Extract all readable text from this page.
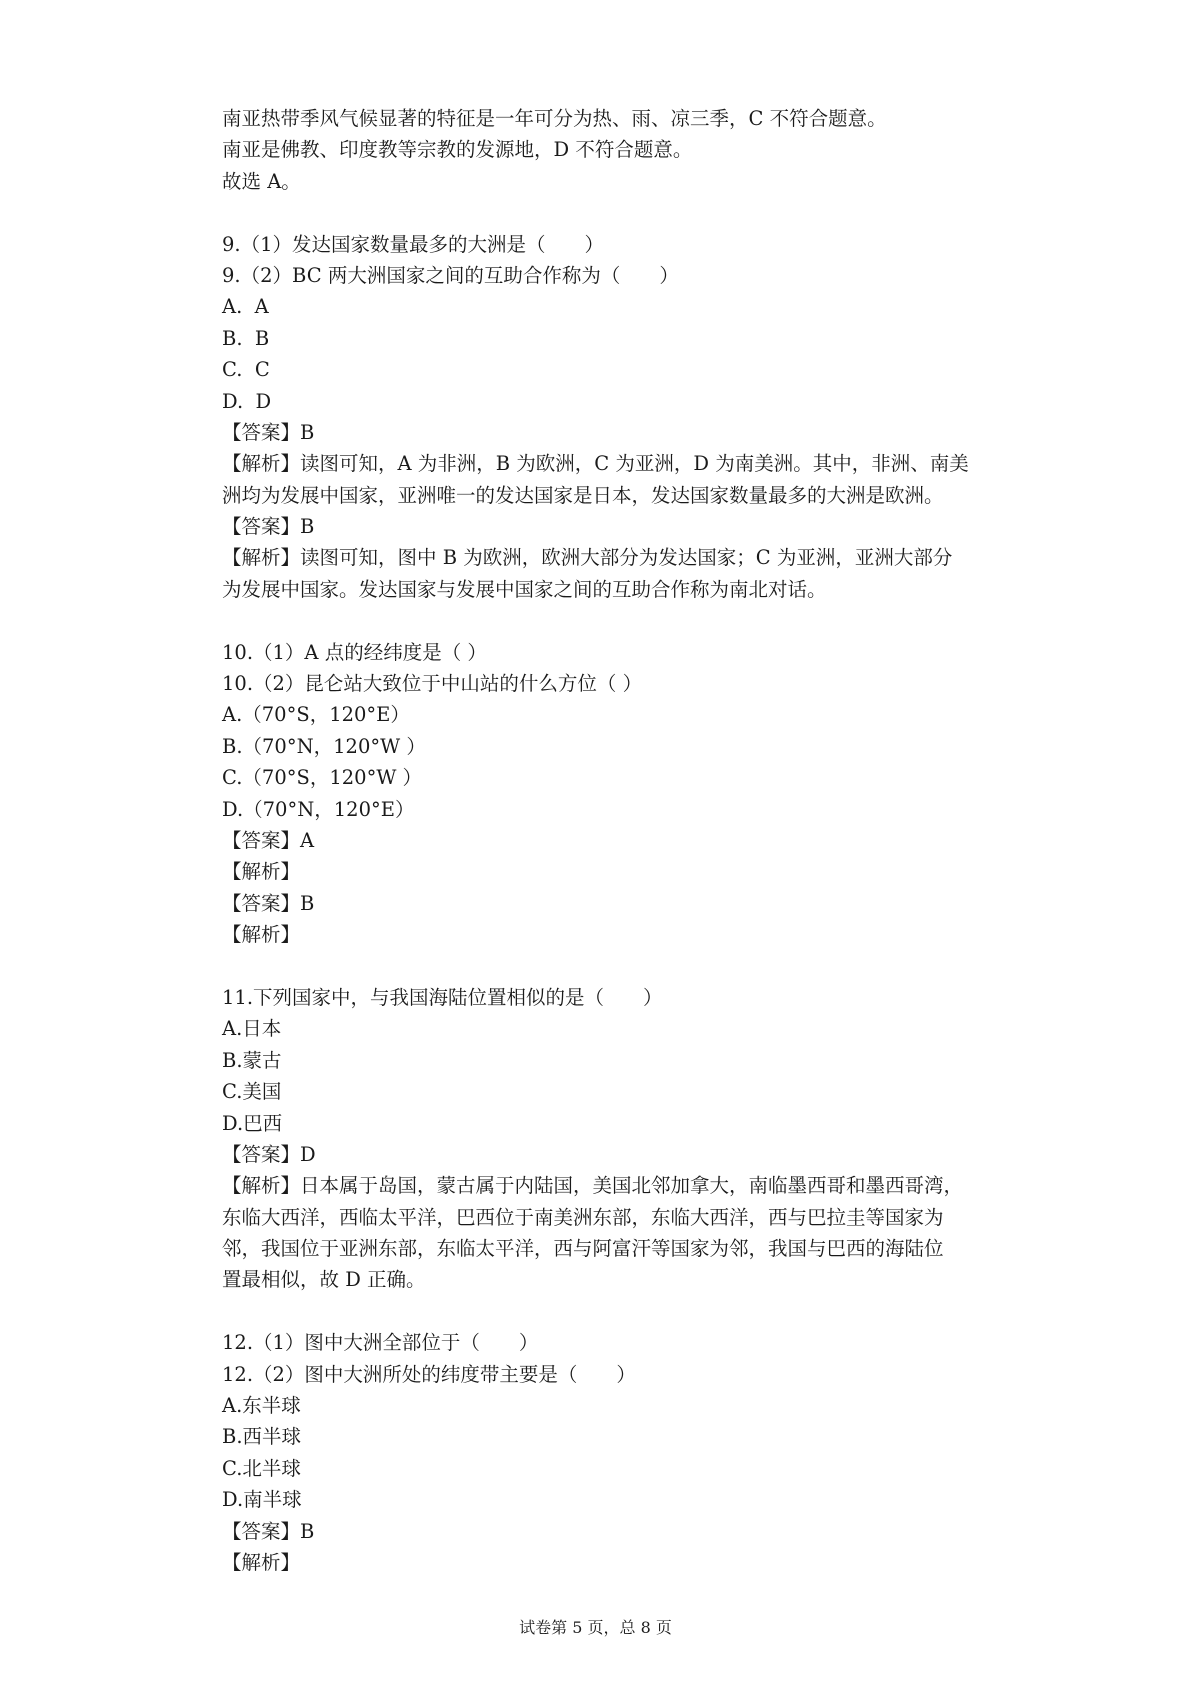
南亚热带季风气候显著的特征是一年可分为热、雨、凉三季，C 不符合题意。
南亚是佛教、印度教等宗教的发源地，D 不符合题意。
故选 A。
9.（1）发达国家数量最多的大洲是（　　）
9.（2）BC 两大洲国家之间的互助合作称为（　　）
A.  A
B.  B
C.  C
D.  D
【答案】B
【解析】读图可知，A 为非洲，B 为欧洲，C 为亚洲，D 为南美洲。其中，非洲、南美
洲均为发展中国家，亚洲唯一的发达国家是日本，发达国家数量最多的大洲是欧洲。
【答案】B
【解析】读图可知，图中 B 为欧洲，欧洲大部分为发达国家；C 为亚洲，亚洲大部分
为发展中国家。发达国家与发展中国家之间的互助合作称为南北对话。
10.（1）A 点的经纬度是（ ）
10.（2）昆仑站大致位于中山站的什么方位（ ）
A.（70°S，120°E）
B.（70°N，120°W ）
C.（70°S，120°W ）
D.（70°N，120°E）
【答案】A
【解析】
【答案】B
【解析】
11.下列国家中，与我国海陆位置相似的是（　　）
A.日本
B.蒙古
C.美国
D.巴西
【答案】D
【解析】日本属于岛国，蒙古属于内陆国，美国北邻加拿大，南临墨西哥和墨西哥湾，
东临大西洋，西临太平洋，巴西位于南美洲东部，东临大西洋，西与巴拉圭等国家为
邻，我国位于亚洲东部，东临太平洋，西与阿富汗等国家为邻，我国与巴西的海陆位
置最相似，故 D 正确。
12.（1）图中大洲全部位于（　　）
12.（2）图中大洲所处的纬度带主要是（　　）
A.东半球
B.西半球
C.北半球
D.南半球
【答案】B
【解析】
试卷第 5 页，总 8 页
